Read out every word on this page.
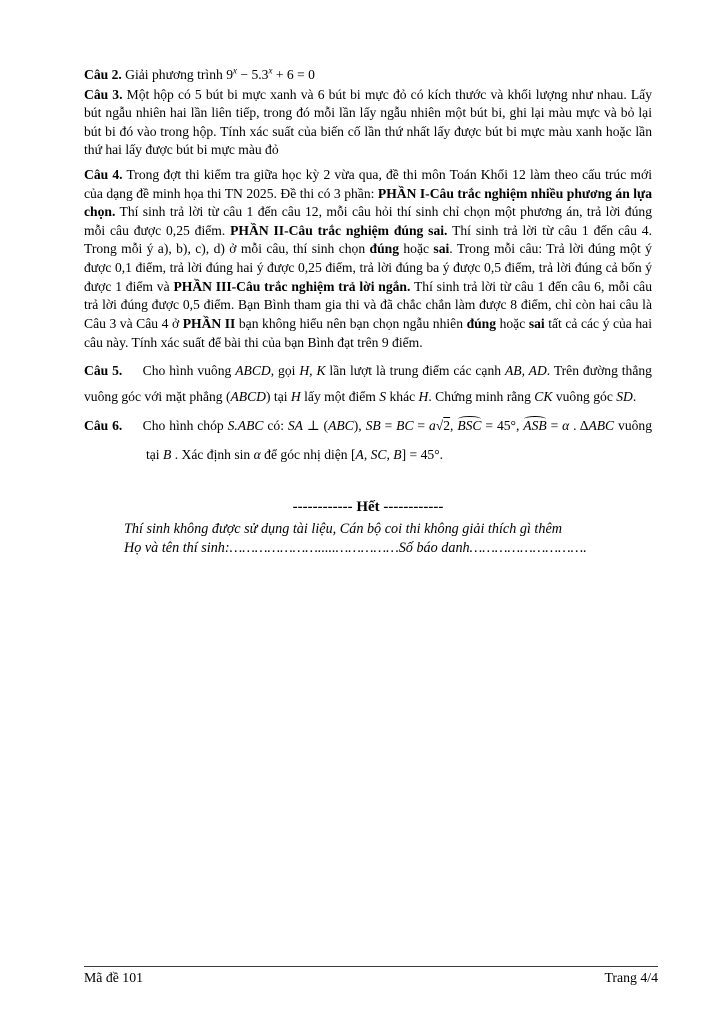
Câu 2. Giải phương trình $9^x - 5.3^x + 6 = 0$

Câu 3. Một hộp có 5 bút bi mực xanh và 6 bút bi mực đỏ có kích thước và khối lượng như nhau. Lấy bút ngẫu nhiên hai lần liên tiếp, trong đó mỗi lần lấy ngẫu nhiên một bút bi, ghi lại màu mực và bỏ lại bút bi đó vào trong hộp. Tính xác suất của biến cố lần thứ nhất lấy được bút bi mực màu xanh hoặc lần thứ hai lấy được bút bi mực màu đỏ

Câu 4. Trong đợt thi kiểm tra giữa học kỳ 2 vừa qua, đề thi môn Toán Khối 12 làm theo cấu trúc mới của dạng đề minh họa thi TN 2025. Đề thi có 3 phần: PHẦN I-Câu trắc nghiệm nhiều phương án lựa chọn. Thí sinh trả lời từ câu 1 đến câu 12, mỗi câu hỏi thí sinh chỉ chọn một phương án, trả lời đúng mỗi câu được 0,25 điểm. PHẦN II-Câu trắc nghiệm đúng sai. Thí sinh trả lời từ câu 1 đến câu 4. Trong mỗi ý a), b), c), d) ở mỗi câu, thí sinh chọn đúng hoặc sai. Trong mỗi câu: Trả lời đúng một ý được 0,1 điểm, trả lời đúng hai ý được 0,25 điểm, trả lời đúng ba ý được 0,5 điểm, trả lời đúng cả bốn ý được 1 điểm và PHẦN III-Câu trắc nghiệm trả lời ngắn. Thí sinh trả lời từ câu 1 đến câu 6, mỗi câu trả lời đúng được 0,5 điểm. Bạn Bình tham gia thi và đã chắc chắn làm được 8 điểm, chỉ còn hai câu là Câu 3 và Câu 4 ở PHẦN II bạn không hiểu nên bạn chọn ngẫu nhiên đúng hoặc sai tất cả các ý của hai câu này. Tính xác suất để bài thi của bạn Bình đạt trên 9 điểm.

Câu 5.  Cho hình vuông ABCD, gọi H, K lần lượt là trung điểm các cạnh AB, AD. Trên đường thẳng vuông góc với mặt phẳng (ABCD) tại H lấy một điểm S khác H. Chứng minh rằng CK vuông góc SD.

Câu 6.  Cho hình chóp S.ABC có: SA ⊥ (ABC), SB = BC = a√2, BSC = 45°, ASB = α . ΔABC vuông tại B . Xác định sin α để góc nhị diện [A, SC, B] = 45°.

------------ Hết ------------
Thí sinh không được sử dụng tài liệu, Cán bộ coi thi không giải thích gì thêm
Họ và tên thí sinh:………………….....……………Số báo danh……………………….
Mã đề 101	Trang 4/4
